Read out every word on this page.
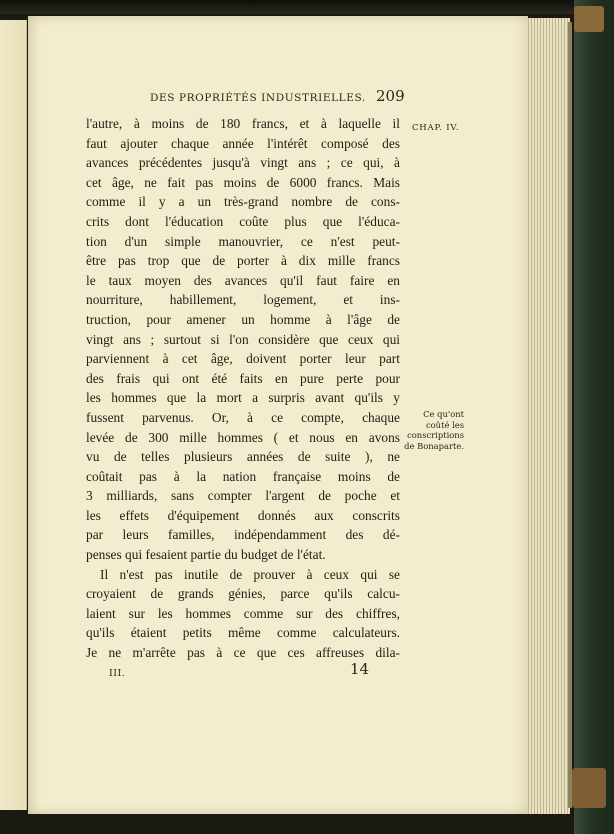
DES PROPRIÉTÉS INDUSTRIELLES. 209
CHAP. IV.
Ce qu'ont
coûté les
conscriptions
de Bonaparte.
l'autre, à moins de 180 francs, et à laquelle il
faut ajouter chaque année l'intérêt composé des
avances précédentes jusqu'à vingt ans ; ce qui, à
cet âge, ne fait pas moins de 6000 francs. Mais
comme il y a un très-grand nombre de cons-
crits dont l'éducation coûte plus que l'éduca-
tion d'un simple manouvrier, ce n'est peut-
être pas trop que de porter à dix mille francs
le taux moyen des avances qu'il faut faire en
nourriture, habillement, logement, et ins-
truction, pour amener un homme à l'âge de
vingt ans ; surtout si l'on considère que ceux qui
parviennent à cet âge, doivent porter leur part
des frais qui ont été faits en pure perte pour
les hommes que la mort a surpris avant qu'ils y
fussent parvenus. Or, à ce compte, chaque
levée de 300 mille hommes ( et nous en avons
vu de telles plusieurs années de suite ), ne
coûtait pas à la nation française moins de
3 milliards, sans compter l'argent de poche et
les effets d'équipement donnés aux conscrits
par leurs familles, indépendamment des dé-
penses qui fesaient partie du budget de l'état.
Il n'est pas inutile de prouver à ceux qui se
croyaient de grands génies, parce qu'ils calcu-
laient sur les hommes comme sur des chiffres,
qu'ils étaient petits même comme calculateurs.
Je ne m'arrête pas à ce que ces affreuses dila-
III.	14
